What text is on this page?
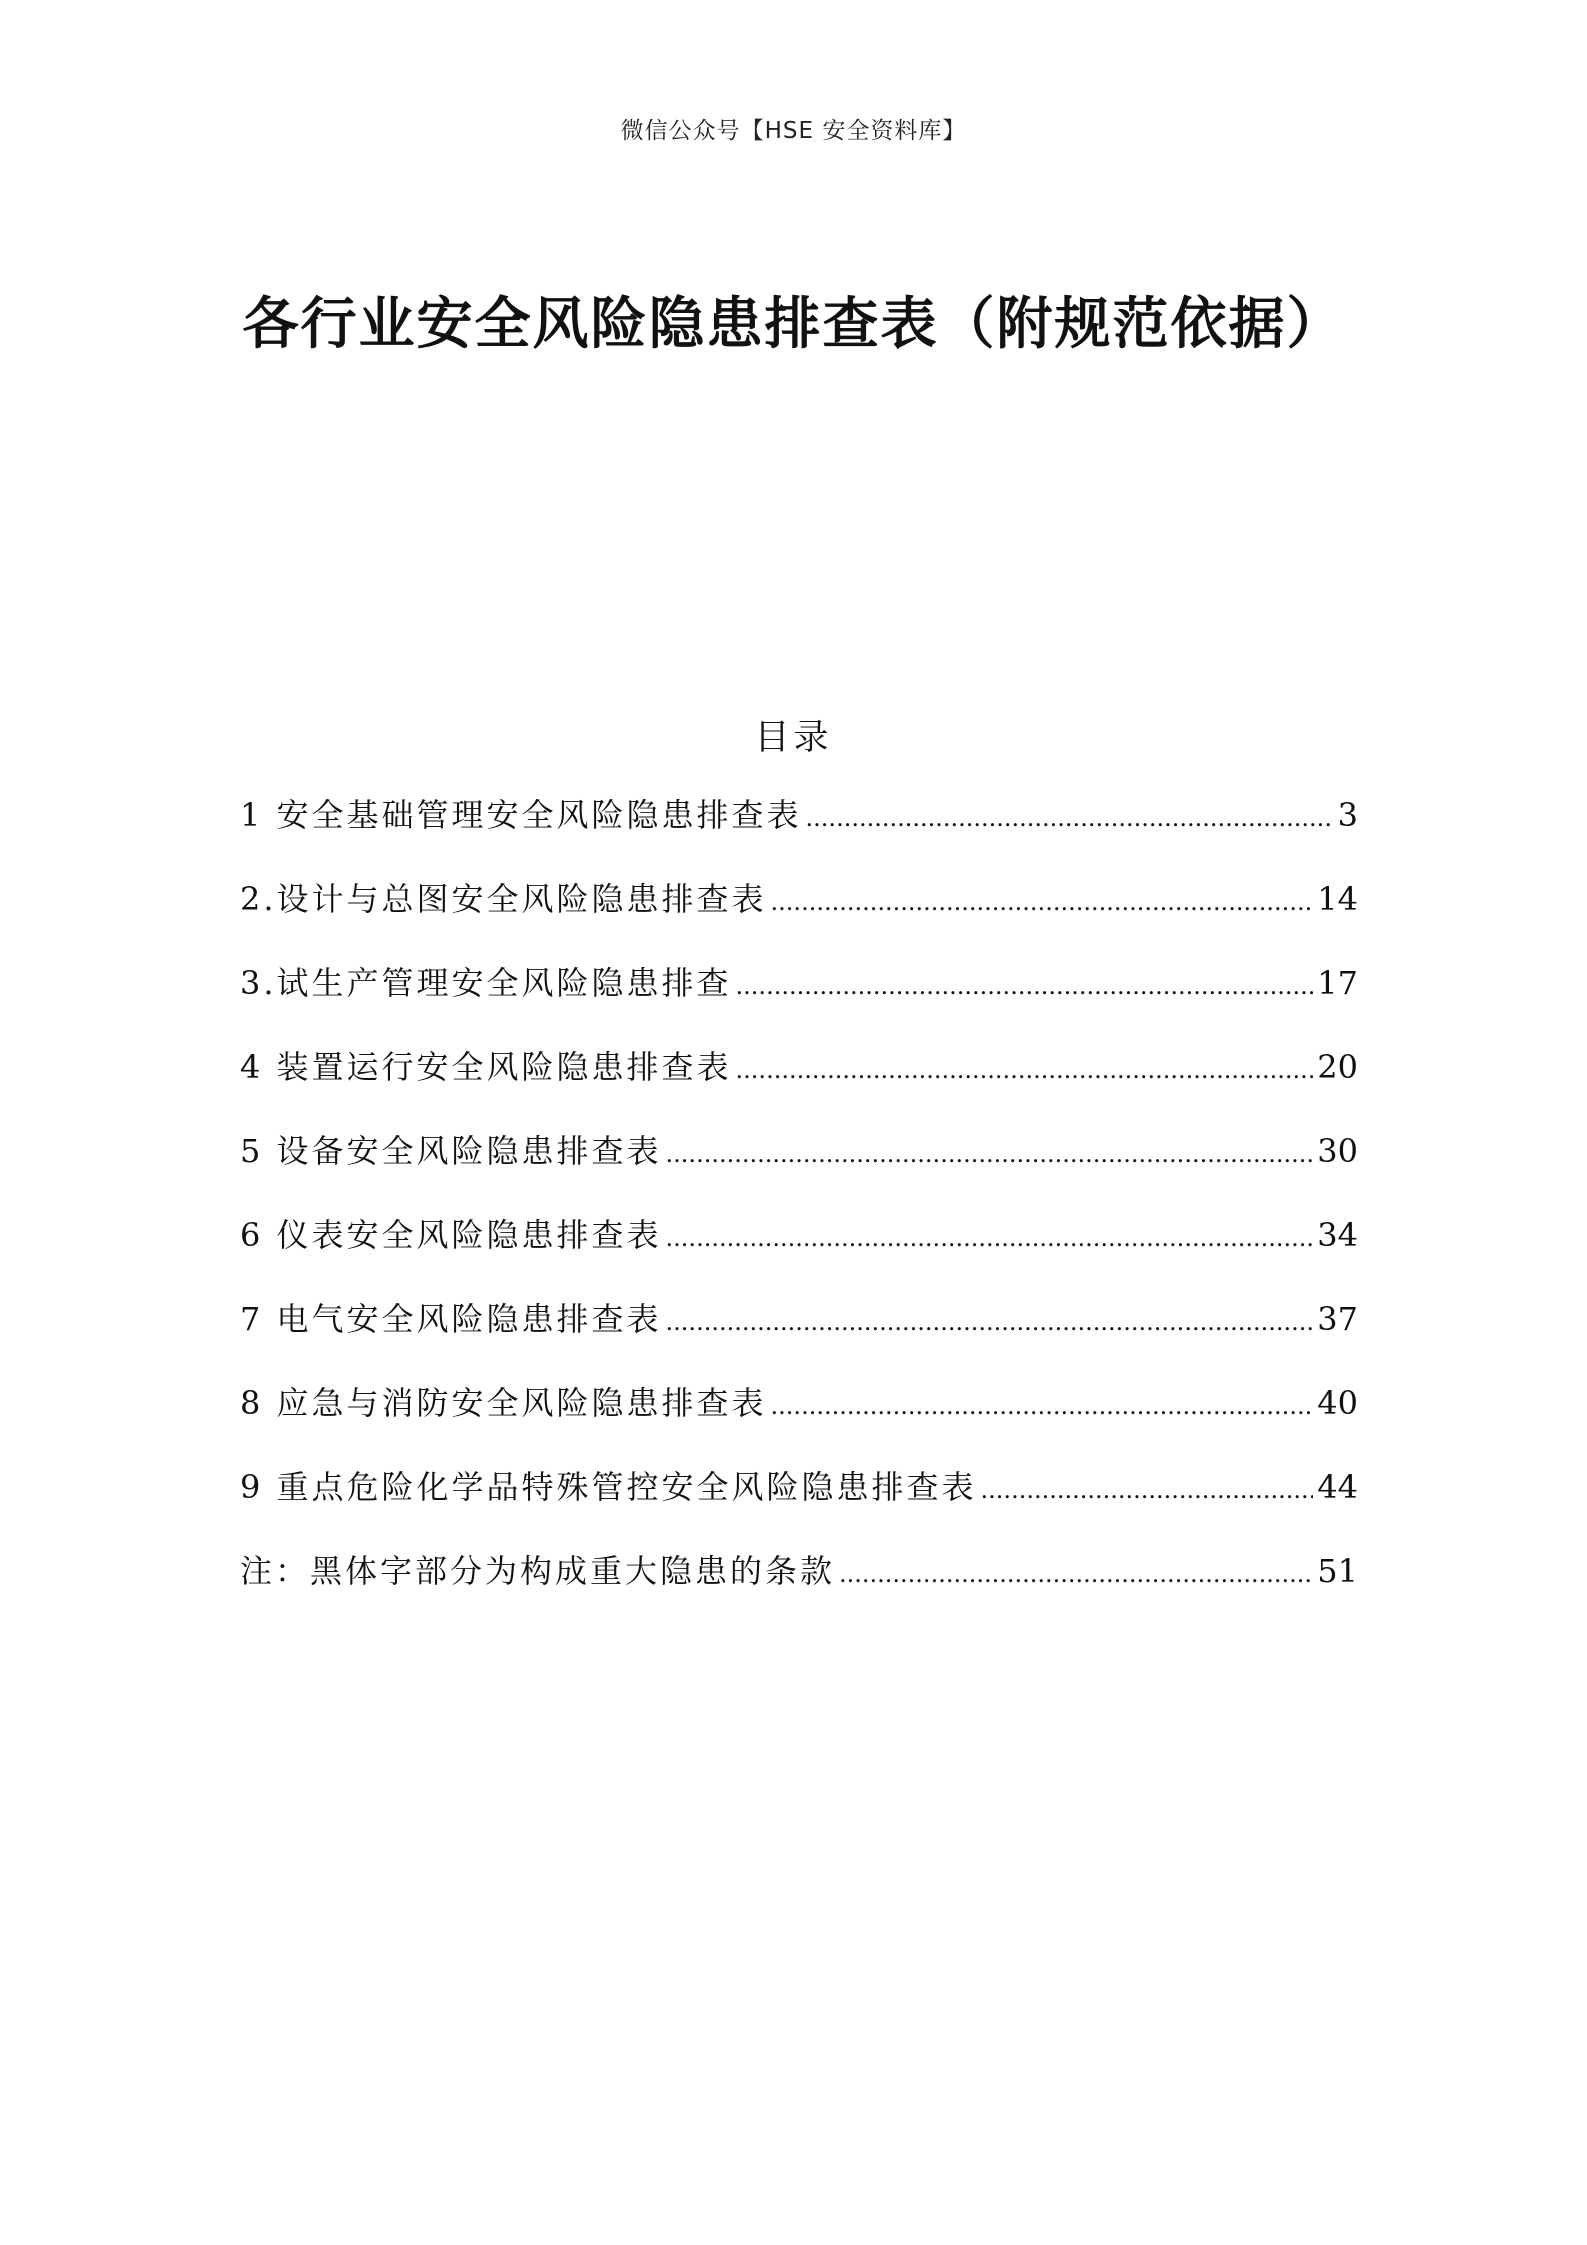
微信公众号【HSE 安全资料库】
各行业安全风险隐患排查表（附规范依据）
目录
1 安全基础管理安全风险隐患排查表 .....	3
2.设计与总图安全风险隐患排查表 .....	14
3.试生产管理安全风险隐患排查 .....	17
4 装置运行安全风险隐患排查表 .....	20
5 设备安全风险隐患排查表 .....	30
6 仪表安全风险隐患排查表 .....	34
7 电气安全风险隐患排查表 .....	37
8 应急与消防安全风险隐患排查表 .....	40
9 重点危险化学品特殊管控安全风险隐患排查表 .....	44
注：黑体字部分为构成重大隐患的条款 .....	51
